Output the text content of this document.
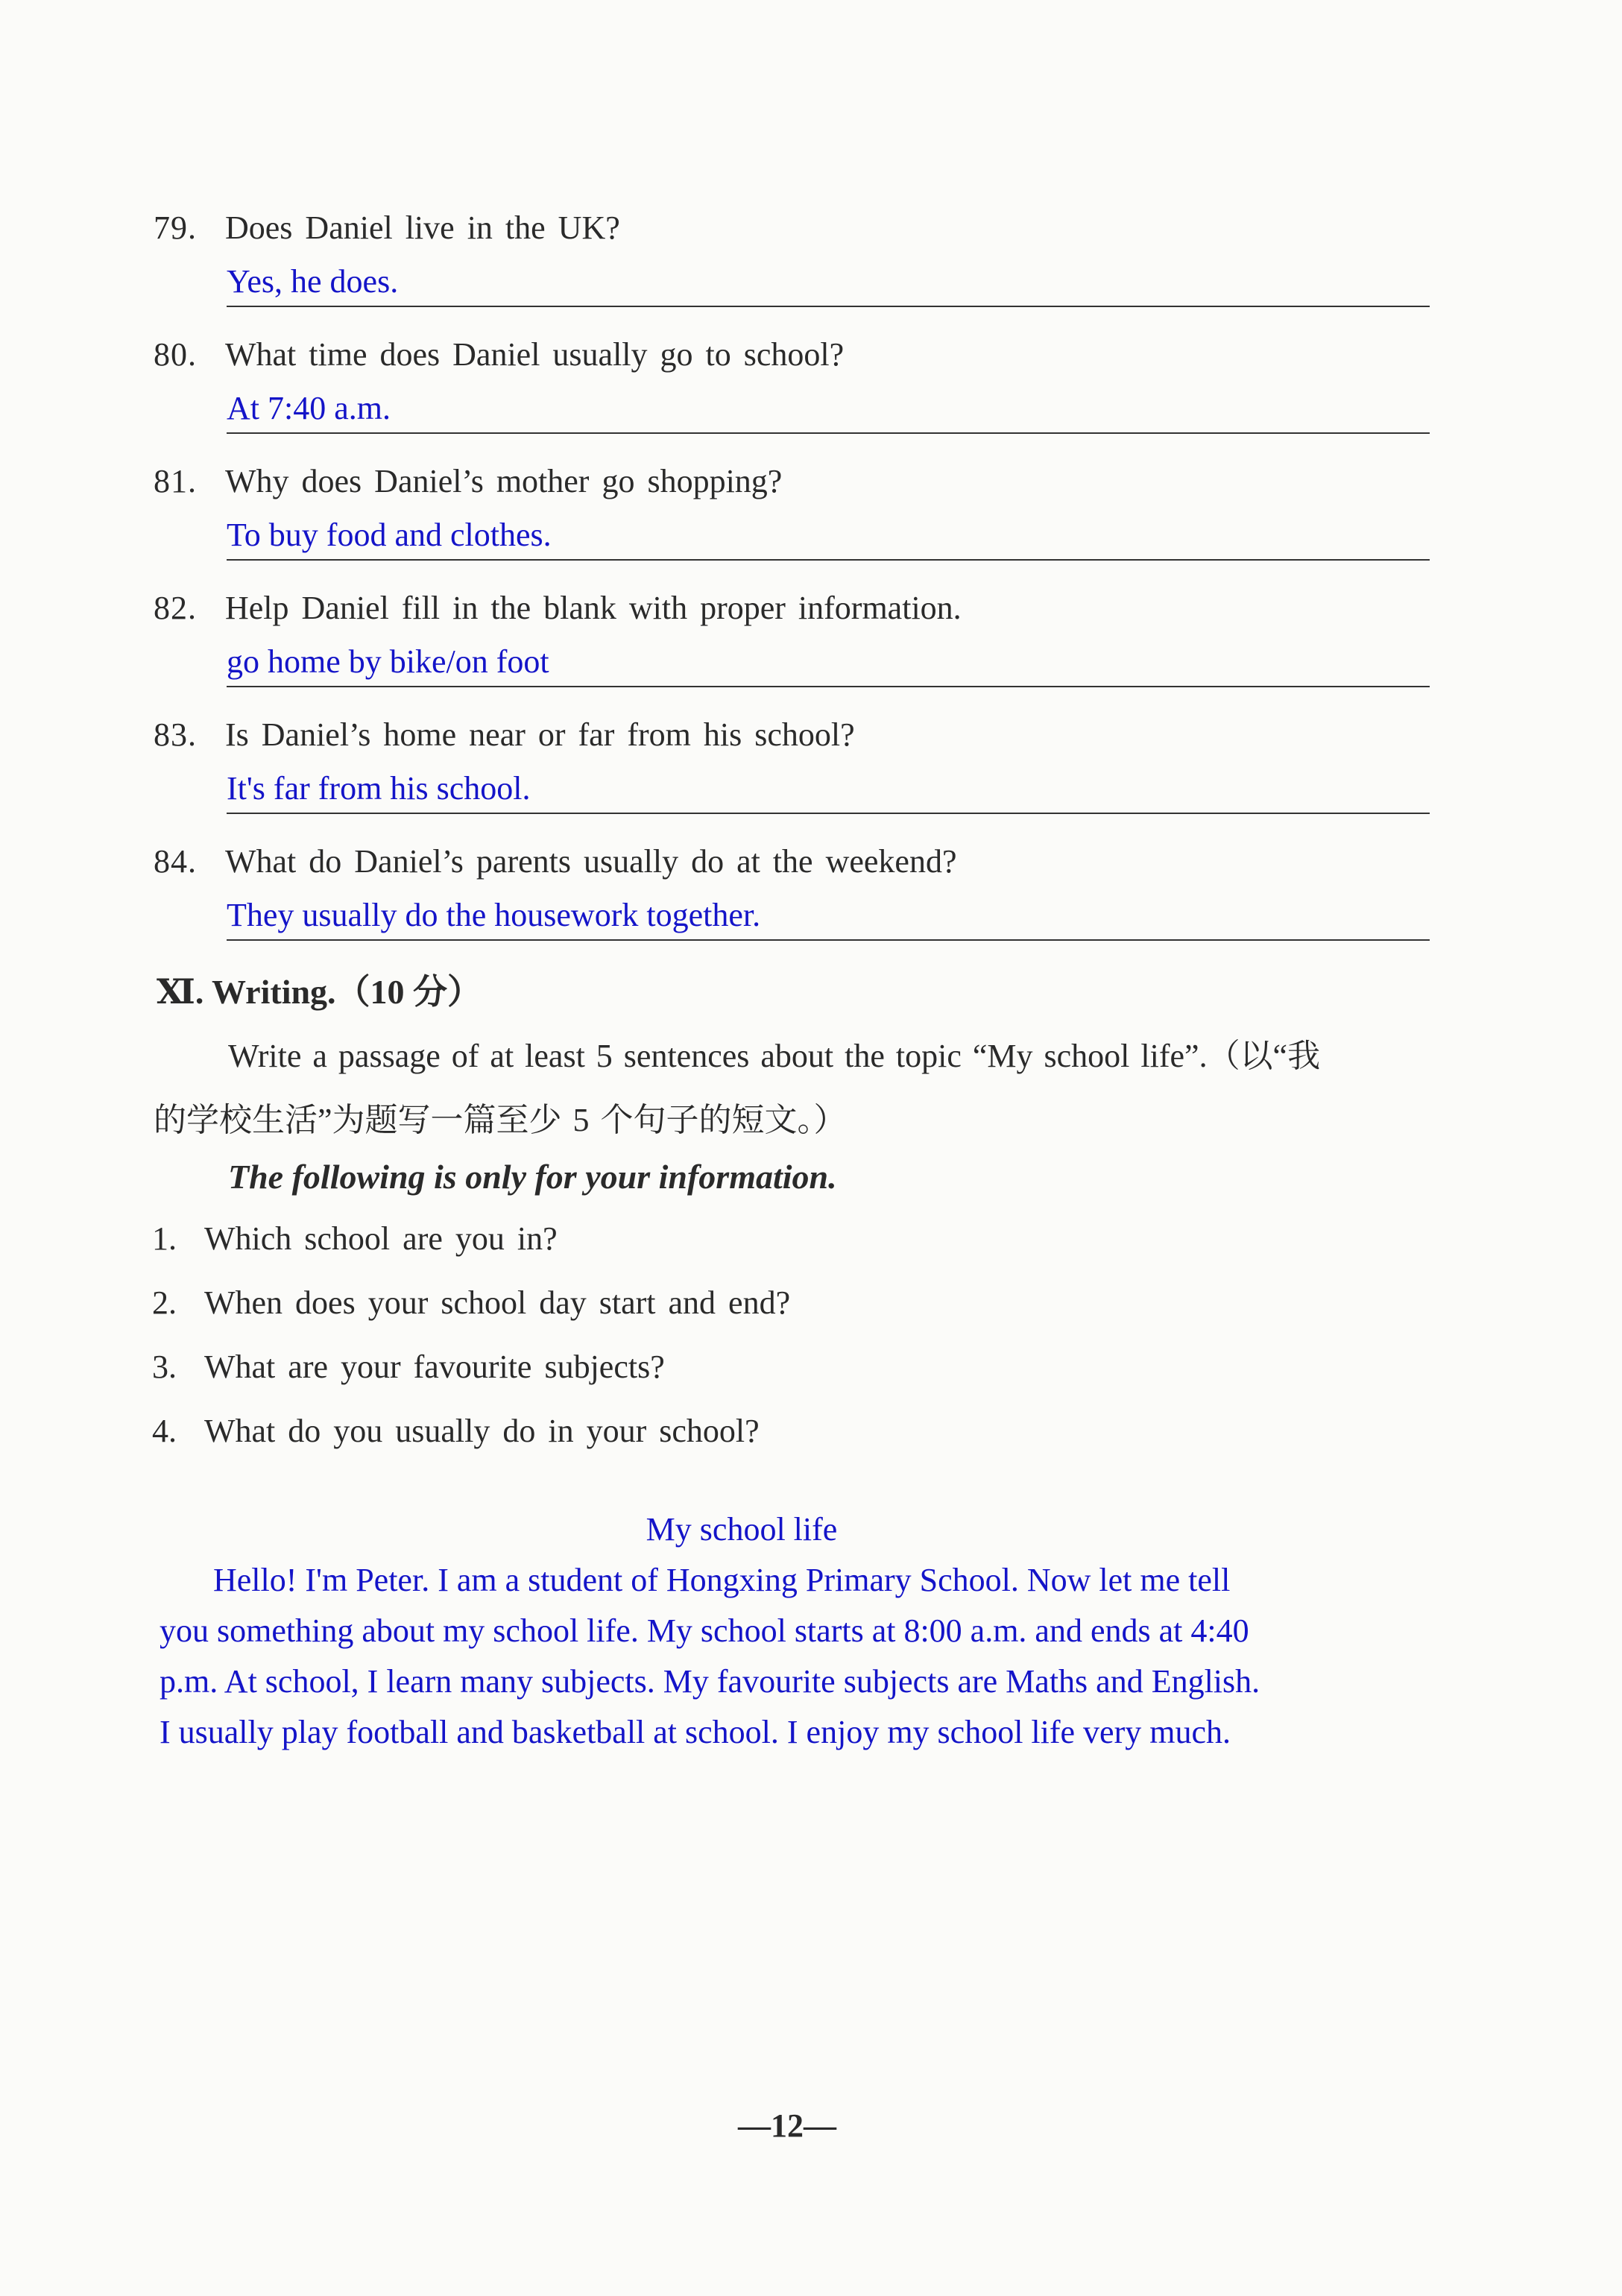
79. Does Daniel live in the UK?
Yes, he does.
80. What time does Daniel usually go to school?
At 7:40 a.m.
81. Why does Daniel’s mother go shopping?
To buy food and clothes.
82. Help Daniel fill in the blank with proper information.
go home by bike/on foot
83. Is Daniel’s home near or far from his school?
It's far from his school.
84. What do Daniel’s parents usually do at the weekend?
They usually do the housework together.
Ⅺ. Writing.（10 分）
Write a passage of at least 5 sentences about the topic “My school life”.（以“我
的学校生活”为题写一篇至少 5 个句子的短文。）
The following is only for your information.
1. Which school are you in?
2. When does your school day start and end?
3. What are your favourite subjects?
4. What do you usually do in your school?
My school life
Hello! I'm Peter. I am a student of Hongxing Primary School. Now let me tell
you something about my school life. My school starts at 8:00 a.m. and ends at 4:40
p.m. At school, I learn many subjects. My favourite subjects are Maths and English.
I usually play football and basketball at school. I enjoy my school life very much.
—12—
